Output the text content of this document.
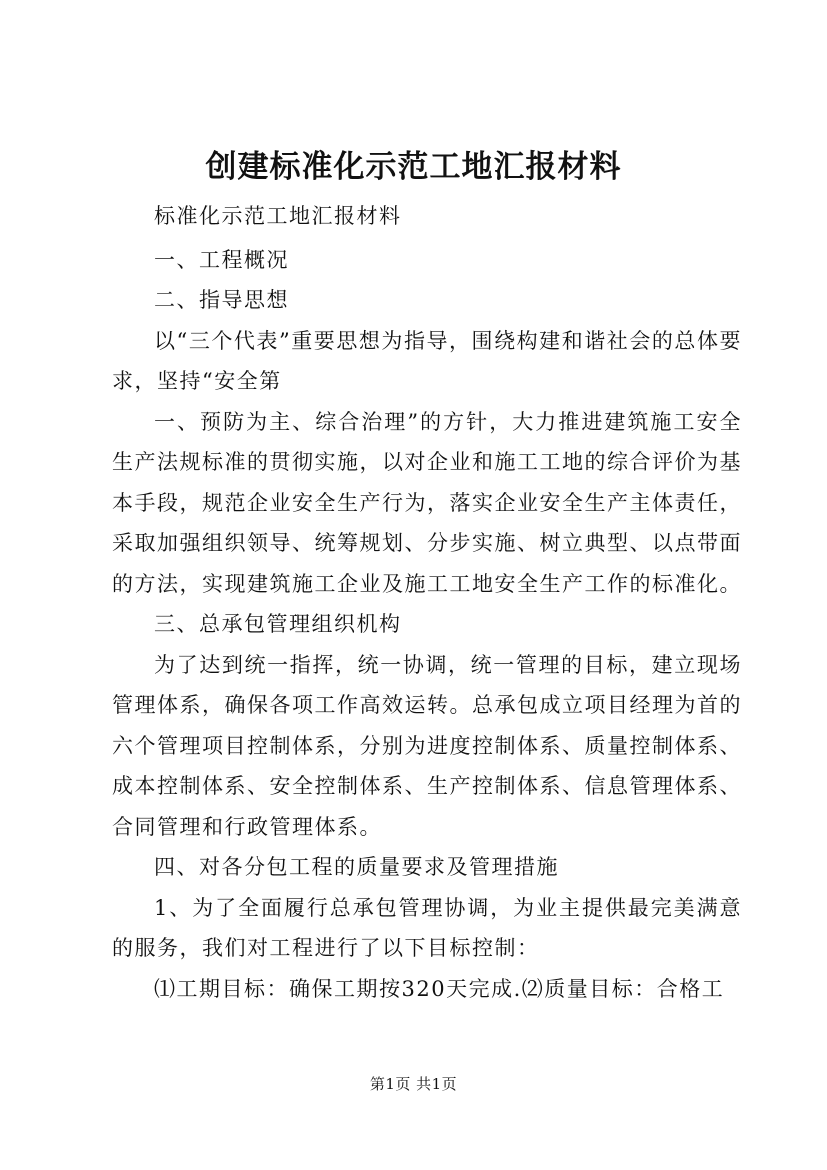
创建标准化示范工地汇报材料

标准化示范工地汇报材料

一、工程概况

二、指导思想

以“三个代表”重要思想为指导，围绕构建和谐社会的总体要求，坚持“安全第

一、预防为主、综合治理”的方针，大力推进建筑施工安全生产法规标准的贯彻实施，以对企业和施工工地的综合评价为基本手段，规范企业安全生产行为，落实企业安全生产主体责任，采取加强组织领导、统筹规划、分步实施、树立典型、以点带面的方法，实现建筑施工企业及施工工地安全生产工作的标准化。

三、总承包管理组织机构

为了达到统一指挥，统一协调，统一管理的目标，建立现场管理体系，确保各项工作高效运转。总承包成立项目经理为首的六个管理项目控制体系，分别为进度控制体系、质量控制体系、成本控制体系、安全控制体系、生产控制体系、信息管理体系、合同管理和行政管理体系。

四、对各分包工程的质量要求及管理措施

1、为了全面履行总承包管理协调，为业主提供最完美满意的服务，我们对工程进行了以下目标控制：

⑴工期目标：确保工期按320天完成.⑵质量目标：合格工

第1页 共1页
